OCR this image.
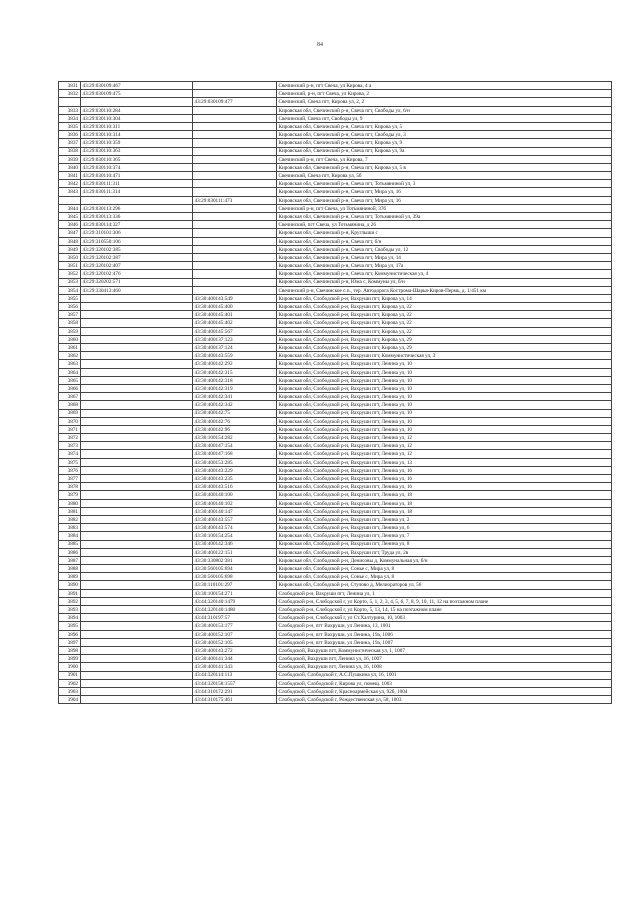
84
3831	43:29:030109:467		Свечинский р-н, пгт Свеча, ул Кирова, 4 а
3832	43:29:030109:475		Свечинский, р-н, пгт Свеча, ул Кирова, 2
		43:29:030109:477	Свечинский, Свеча пгт, Кирова ул, 2, 2
3833	43:29:030110:284		Кировская обл, Свечинский р-н, Свеча пгт, Свободы ул, 6/н
3834	43:29:030110:304		Свечинский, Свеча пгт, Свободы ул, 9
3835	43:29:030110:311		Кировская обл, Свечинский р-н, Свеча пгт, Кирова ул, 5
3836	43:29:030110:314		Кировская обл, Свечинский р-н, Свеча пгт, Свободы ул, 3
3837	43:29:030110:359		Кировская обл, Свечинский р-н, Свеча пгт, Кирова ул, 9
3838	43:29:030110:363		Кировская обл, Свечинский р-н, Свеча пгт, Кирова ул, 9а
3839	43:29:030110:365		Свечинский р-н, пгт Свеча, ул Кирова, 7
3840	43:29:030110:374		Кировская обл, Свечинский р-н, Свеча пгт, Кирова ул, 5 в
3841	43:29:030110:471		Свечинский, Свеча пгт, Кирова ул, 5б
3842	43:29:030111:311		Кировская обл, Свечинский р-н, Свеча пгт, Тотьмяниной ул, 3
3843	43:29:030111:314		Кировская обл, Свечинский р-н, Свеча пгт, Мира ул, 16
		43:29:030111:473	Кировская обл, Свечинский р-н, Свеча пгт, Мира ул, 16
3844	43:29:030113:296		Свечинский р-н, пгт Свеча, ул Тотьмяниной, 37б
3845	43:29:030113:336		Кировская обл, Свечинский р-н, Свеча пгт, Тотьмяниной ул, 39а
3846	43:29:030114:327		Свечинский, пгт Свеча, ул Тотьмянина, д 26
3847	43:29:310101:306		Кировская обл, Свечинский р-н, Круглыши с
3848	43:29:310550:106		Кировская обл, Свечинский р-н, Свеча пгт, б/н
3849	43:29:320102:385		Кировская обл, Свечинский р-н, Свеча пгт, Свободы ул, 12
3850	43:29:320102:387		Кировская обл, Свечинский р-н, Свеча пгт, Мира ул, 14
3851	43:29:320102:407		Кировская обл, Свечинский р-н, Свеча пгт, Мира ул, 17а
3852	43:29:320102:476		Кировская обл, Свечинский р-н, Свеча пгт, Коммунистическая ул, 4
3853	43:29:320202:571		Кировская обл, Свечинский р-н, Юма с, Коммуны ул, б/н
3854	43:29:330413:460		Свечинский р-н, Свечинское с.п., тер. Автодорога Кострома-Шарья-Киров-Пермь, д. 1/451 км
3855		43:30:400143:549	Кировская обл, Слободской р-н, Вахруши пгт, Кирова ул, 14
3856		43:30:400145:400	Кировская обл, Слободской р-н, Вахруши пгт, Кирова ул, 22
3857		43:30:400145:401	Кировская обл, Слободской р-н, Вахруши пгт, Кирова ул, 22
3858		43:30:400145:402	Кировская обл, Слободской р-н, Вахруши пгт, Кирова ул, 22
3859		43:30:400145:567	Кировская обл, Слободской р-н, Вахруши пгт, Кирова ул, 22
3860		43:30:400137:123	Кировская обл, Слободской р-н, Вахруши пгт, Кирова ул, 29
3861		43:30:400137:124	Кировская обл, Слободской р-н, Вахруши пгт, Кирова ул, 29
3862		43:30:400143:559	Кировская обл, Слободской р-н, Вахруши пгт, Коммунистическая ул, 3
3863		43:30:400142:292	Кировская обл, Слободской р-н, Вахруши пгт, Ленина ул, 10
3864		43:30:400142:315	Кировская обл, Слободской р-н, Вахруши пгт, Ленина ул, 10
3865		43:30:400142:318	Кировская обл, Слободской р-н, Вахруши пгт, Ленина ул, 10
3866		43:30:400142:319	Кировская обл, Слободской р-н, Вахруши пгт, Ленина ул, 10
3867		43:30:400142:341	Кировская обл, Слободской р-н, Вахруши пгт, Ленина ул, 10
3868		43:30:400142:342	Кировская обл, Слободской р-н, Вахруши пгт, Ленина ул, 10
3869		43:30:400142:75	Кировская обл, Слободской р-н, Вахруши пгт, Ленина ул, 10
3870		43:30:400142:76	Кировская обл, Слободской р-н, Вахруши пгт, Ленина ул, 10
3871		43:30:400142:96	Кировская обл, Слободской р-н, Вахруши пгт, Ленина ул, 10
3872		43:30:100154:282	Кировская обл, Слободской р-н, Вахруши пгт, Ленина ул, 12
3873		43:30:400147:154	Кировская обл, Слободской р-н, Вахруши пгт, Ленина ул, 12
3874		43:30:400147:168	Кировская обл, Слободской р-н, Вахруши пгт, Ленина ул, 12
3875		43:30:400153:285	Кировская обл, Слободской р-н, Вахруши пгт, Ленина ул, 13
3876		43:30:400143:229	Кировская обл, Слободской р-н, Вахруши пгт, Ленина ул, 16
3877		43:30:400143:235	Кировская обл, Слободской р-н, Вахруши пгт, Ленина ул, 16
3878		43:30:400143:516	Кировская обл, Слободской р-н, Вахруши пгт, Ленина ул, 16
3879		43:30:400140:100	Кировская обл, Слободской р-н, Вахруши пгт, Ленина ул, 18
3880		43:30:400140:102	Кировская обл, Слободской р-н, Вахруши пгт, Ленина ул, 18
3881		43:30:400140:147	Кировская обл, Слободской р-н, Вахруши пгт, Ленина ул, 18
3882		43:30:400143:557	Кировская обл, Слободской р-н, Вахруши пгт, Ленина ул, 2
3883		43:30:400143:574	Кировская обл, Слободской р-н, Вахруши пгт, Ленина ул, 6
3884		43:30:100154:254	Кировская обл, Слободской р-н, Вахруши пгт, Ленина ул, 7
3885		43:30:400142:346	Кировская обл, Слободской р-н, Вахруши пгт, Ленина ул, 8
3886		43:30:400122:151	Кировская обл, Слободской р-н, Вахруши пгт, Труда ул, 2в
3887		43:30:330802:381	Кировская обл, Слободской р-н, Денисовы д, Коммунальная ул, б/н
3888		43:30:560105:694	Кировская обл, Слободской р-н, Сонье с, Мира ул, 8
3889		43:30:560105:698	Кировская обл, Слободской р-н, Сонье с, Мира ул, 8
3890		43:30:110101:297	Кировская обл, Слободской р-н, Стулово д, Мелиораторов ул, 56
3891		43:30:100154:271	Слободской р-н, Вахруши пгт, Ленина ул, 1
3892		43:44:320140:1479	Слободской р-н, Слободской г, ул Корто, 5, 1, 2, 3, 4, 5, 6, 7, 8, 9, 10, 11, 12 на поэтажном плане
3893		43:44:320140:1480	Слободской р-н, Слободской г, ул Корто, 5, 13, 14, 15 на поэтажном плане
3894		43:44:310197:57	Слободской р-н, Слободской г, ул Ст.Халтурина, 10, 1003
3895		43:30:400153:177	Слободской р-н, пгт Вахруши, ул Ленина, 13, 1001
3896		43:30:400152:107	Слободской р-н, пгт Вахруши, ул Ленина, 19а, 1006
3897		43:30:400152:105	Слободской р-н, пгт Вахруши, ул Ленина, 19а, 1007
3898		43:30:400143:272	Слободской, Вахруши пгт, Коммунистическая ул, 1, 1007
3899		43:30:400141:344	Слободской, Вахруши пгт, Ленина ул, 16, 1007
3900		43:30:400141:343	Слободской, Вахруши пгт, Ленина ул, 16, 1008
3901		43:44:320114:113	Слободской, Слободской г, А.С.Пушкина ул, 16, 1001
3902		43:44:320158:1557	Слободской, Слободской г, Кирова ул, помещ. 1003
3903		43:44:310172:291	Слободской, Слободской г, Красноармейская ул, 92б, 1004
3904		43:44:310175:461	Слободской, Слободской г, Рождественская ул, 58, 1003
